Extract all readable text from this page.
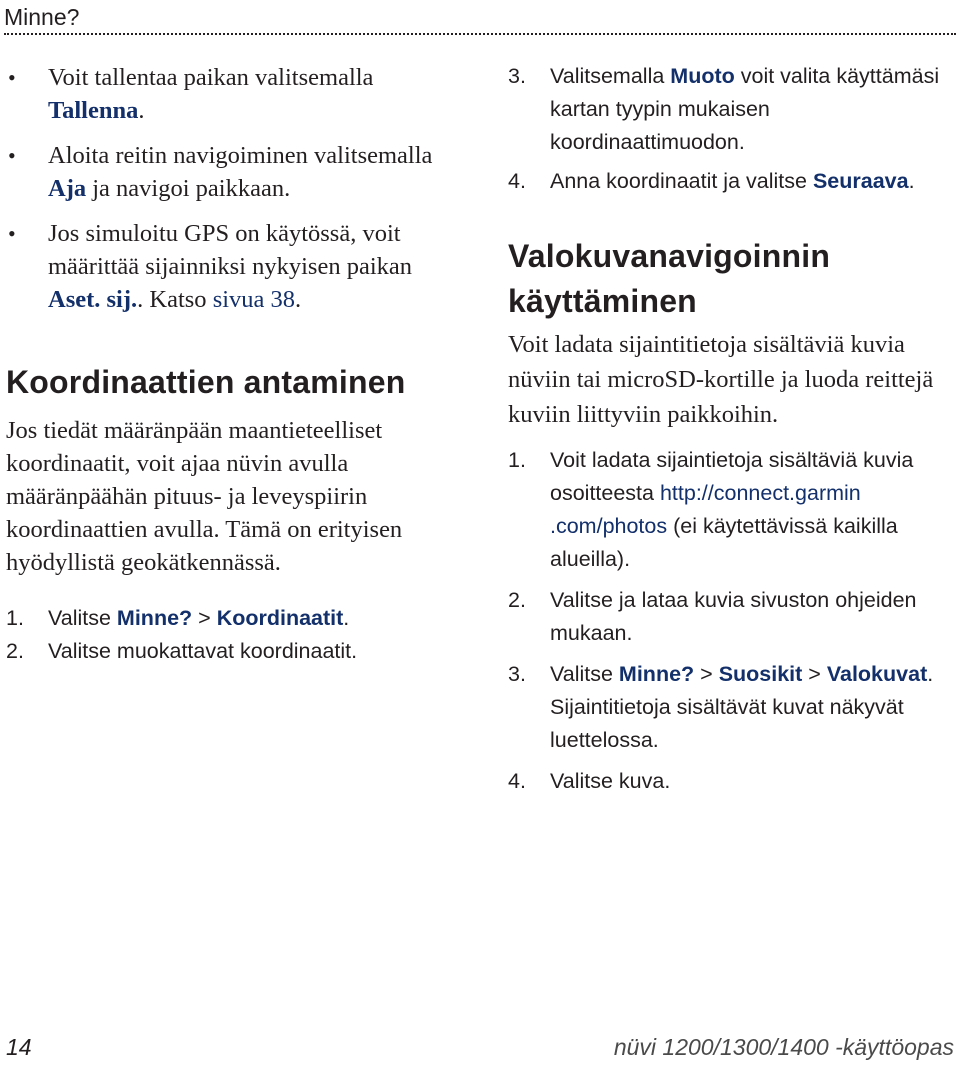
Minne?
• Voit tallentaa paikan valitsemalla Tallenna.
• Aloita reitin navigoiminen valitsemalla Aja ja navigoi paikkaan.
• Jos simuloitu GPS on käytössä, voit määrittää sijainniksi nykyisen paikan Aset. sij.. Katso sivua 38.
Koordinaattien antaminen

Jos tiedät määränpään maantieteelliset koordinaatit, voit ajaa nüvin avulla määränpäähän pituus- ja leveyspiirin koordinaattien avulla. Tämä on erityisen hyödyllistä geokätkennässä.

1. Valitse Minne? > Koordinaatit.
2. Valitse muokattavat koordinaatit.
3. Valitsemalla Muoto voit valita käyttämäsi kartan tyypin mukaisen koordinaattimuodon.
4. Anna koordinaatit ja valitse Seuraava.
Valokuvanavigoinnin
käyttäminen

Voit ladata sijaintitietoja sisältäviä kuvia nüviin tai microSD-kortille ja luoda reittejä kuviin liittyviin paikkoihin.

1. Voit ladata sijaintietoja sisältäviä kuvia osoitteesta http://connect.garmin
.com/photos (ei käytettävissä kaikilla alueilla).
2. Valitse ja lataa kuvia sivuston ohjeiden mukaan.
3. Valitse Minne? > Suosikit > Valokuvat. Sijaintitietoja sisältävät kuvat näkyvät luettelossa.
4. Valitse kuva.
14	nüvi 1200/1300/1400 -käyttöopas
